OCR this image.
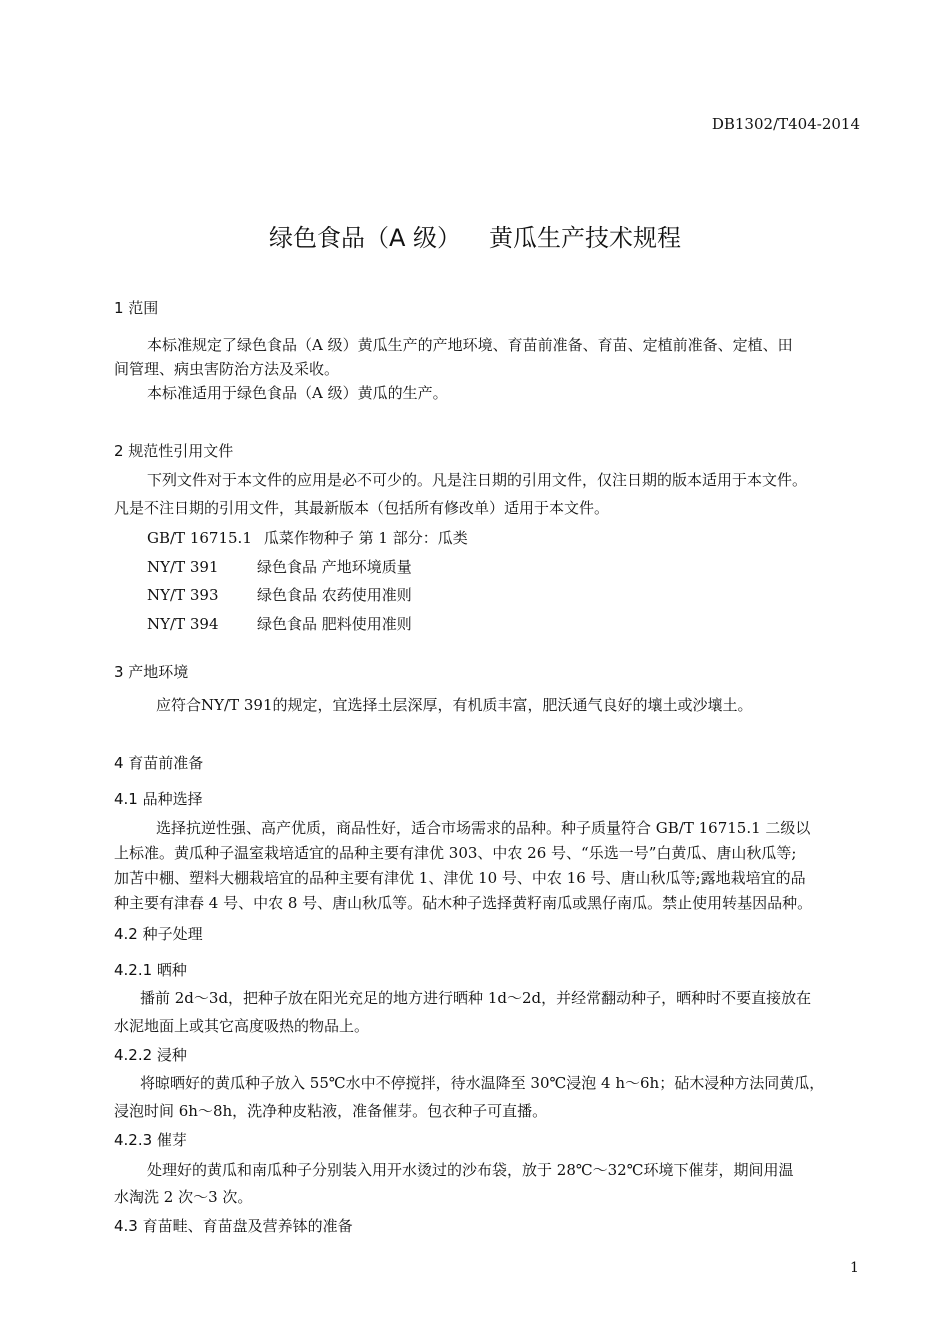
DB1302/T404-2014
绿色食品（A 级） 黄瓜生产技术规程
1 范围
本标准规定了绿色食品（A 级）黄瓜生产的产地环境、育苗前准备、育苗、定植前准备、定植、田
间管理、病虫害防治方法及采收。
本标准适用于绿色食品（A 级）黄瓜的生产。
2 规范性引用文件
下列文件对于本文件的应用是必不可少的。凡是注日期的引用文件，仅注日期的版本适用于本文件。
凡是不注日期的引用文件，其最新版本（包括所有修改单）适用于本文件。
GB/T 16715.1 瓜菜作物种子 第 1 部分：瓜类
NY/T 391	绿色食品 产地环境质量
NY/T 393	绿色食品 农药使用准则
NY/T 394	绿色食品 肥料使用准则
3 产地环境
应符合NY/T 391的规定，宜选择土层深厚，有机质丰富，肥沃通气良好的壤土或沙壤土。
4 育苗前准备
4.1 品种选择
选择抗逆性强、高产优质，商品性好，适合市场需求的品种。种子质量符合 GB/T 16715.1 二级以
上标准。黄瓜种子温室栽培适宜的品种主要有津优 303、中农 26 号、“乐选一号”白黄瓜、唐山秋瓜等;
加苫中棚、塑料大棚栽培宜的品种主要有津优 1、津优 10 号、中农 16 号、唐山秋瓜等;露地栽培宜的品
种主要有津春 4 号、中农 8 号、唐山秋瓜等。砧木种子选择黄籽南瓜或黑仔南瓜。禁止使用转基因品种。
4.2 种子处理
4.2.1 晒种
播前 2d～3d，把种子放在阳光充足的地方进行晒种 1d～2d，并经常翻动种子，晒种时不要直接放在
水泥地面上或其它高度吸热的物品上。
4.2.2 浸种
将晾晒好的黄瓜种子放入 55℃水中不停搅拌，待水温降至 30℃浸泡 4 h～6h；砧木浸种方法同黄瓜，
浸泡时间 6h～8h，洗净种皮粘液，准备催芽。包衣种子可直播。
4.2.3 催芽
处理好的黄瓜和南瓜种子分别装入用开水烫过的沙布袋，放于 28℃～32℃环境下催芽，期间用温
水淘洗 2 次～3 次。
4.3 育苗畦、育苗盘及营养钵的准备
1
